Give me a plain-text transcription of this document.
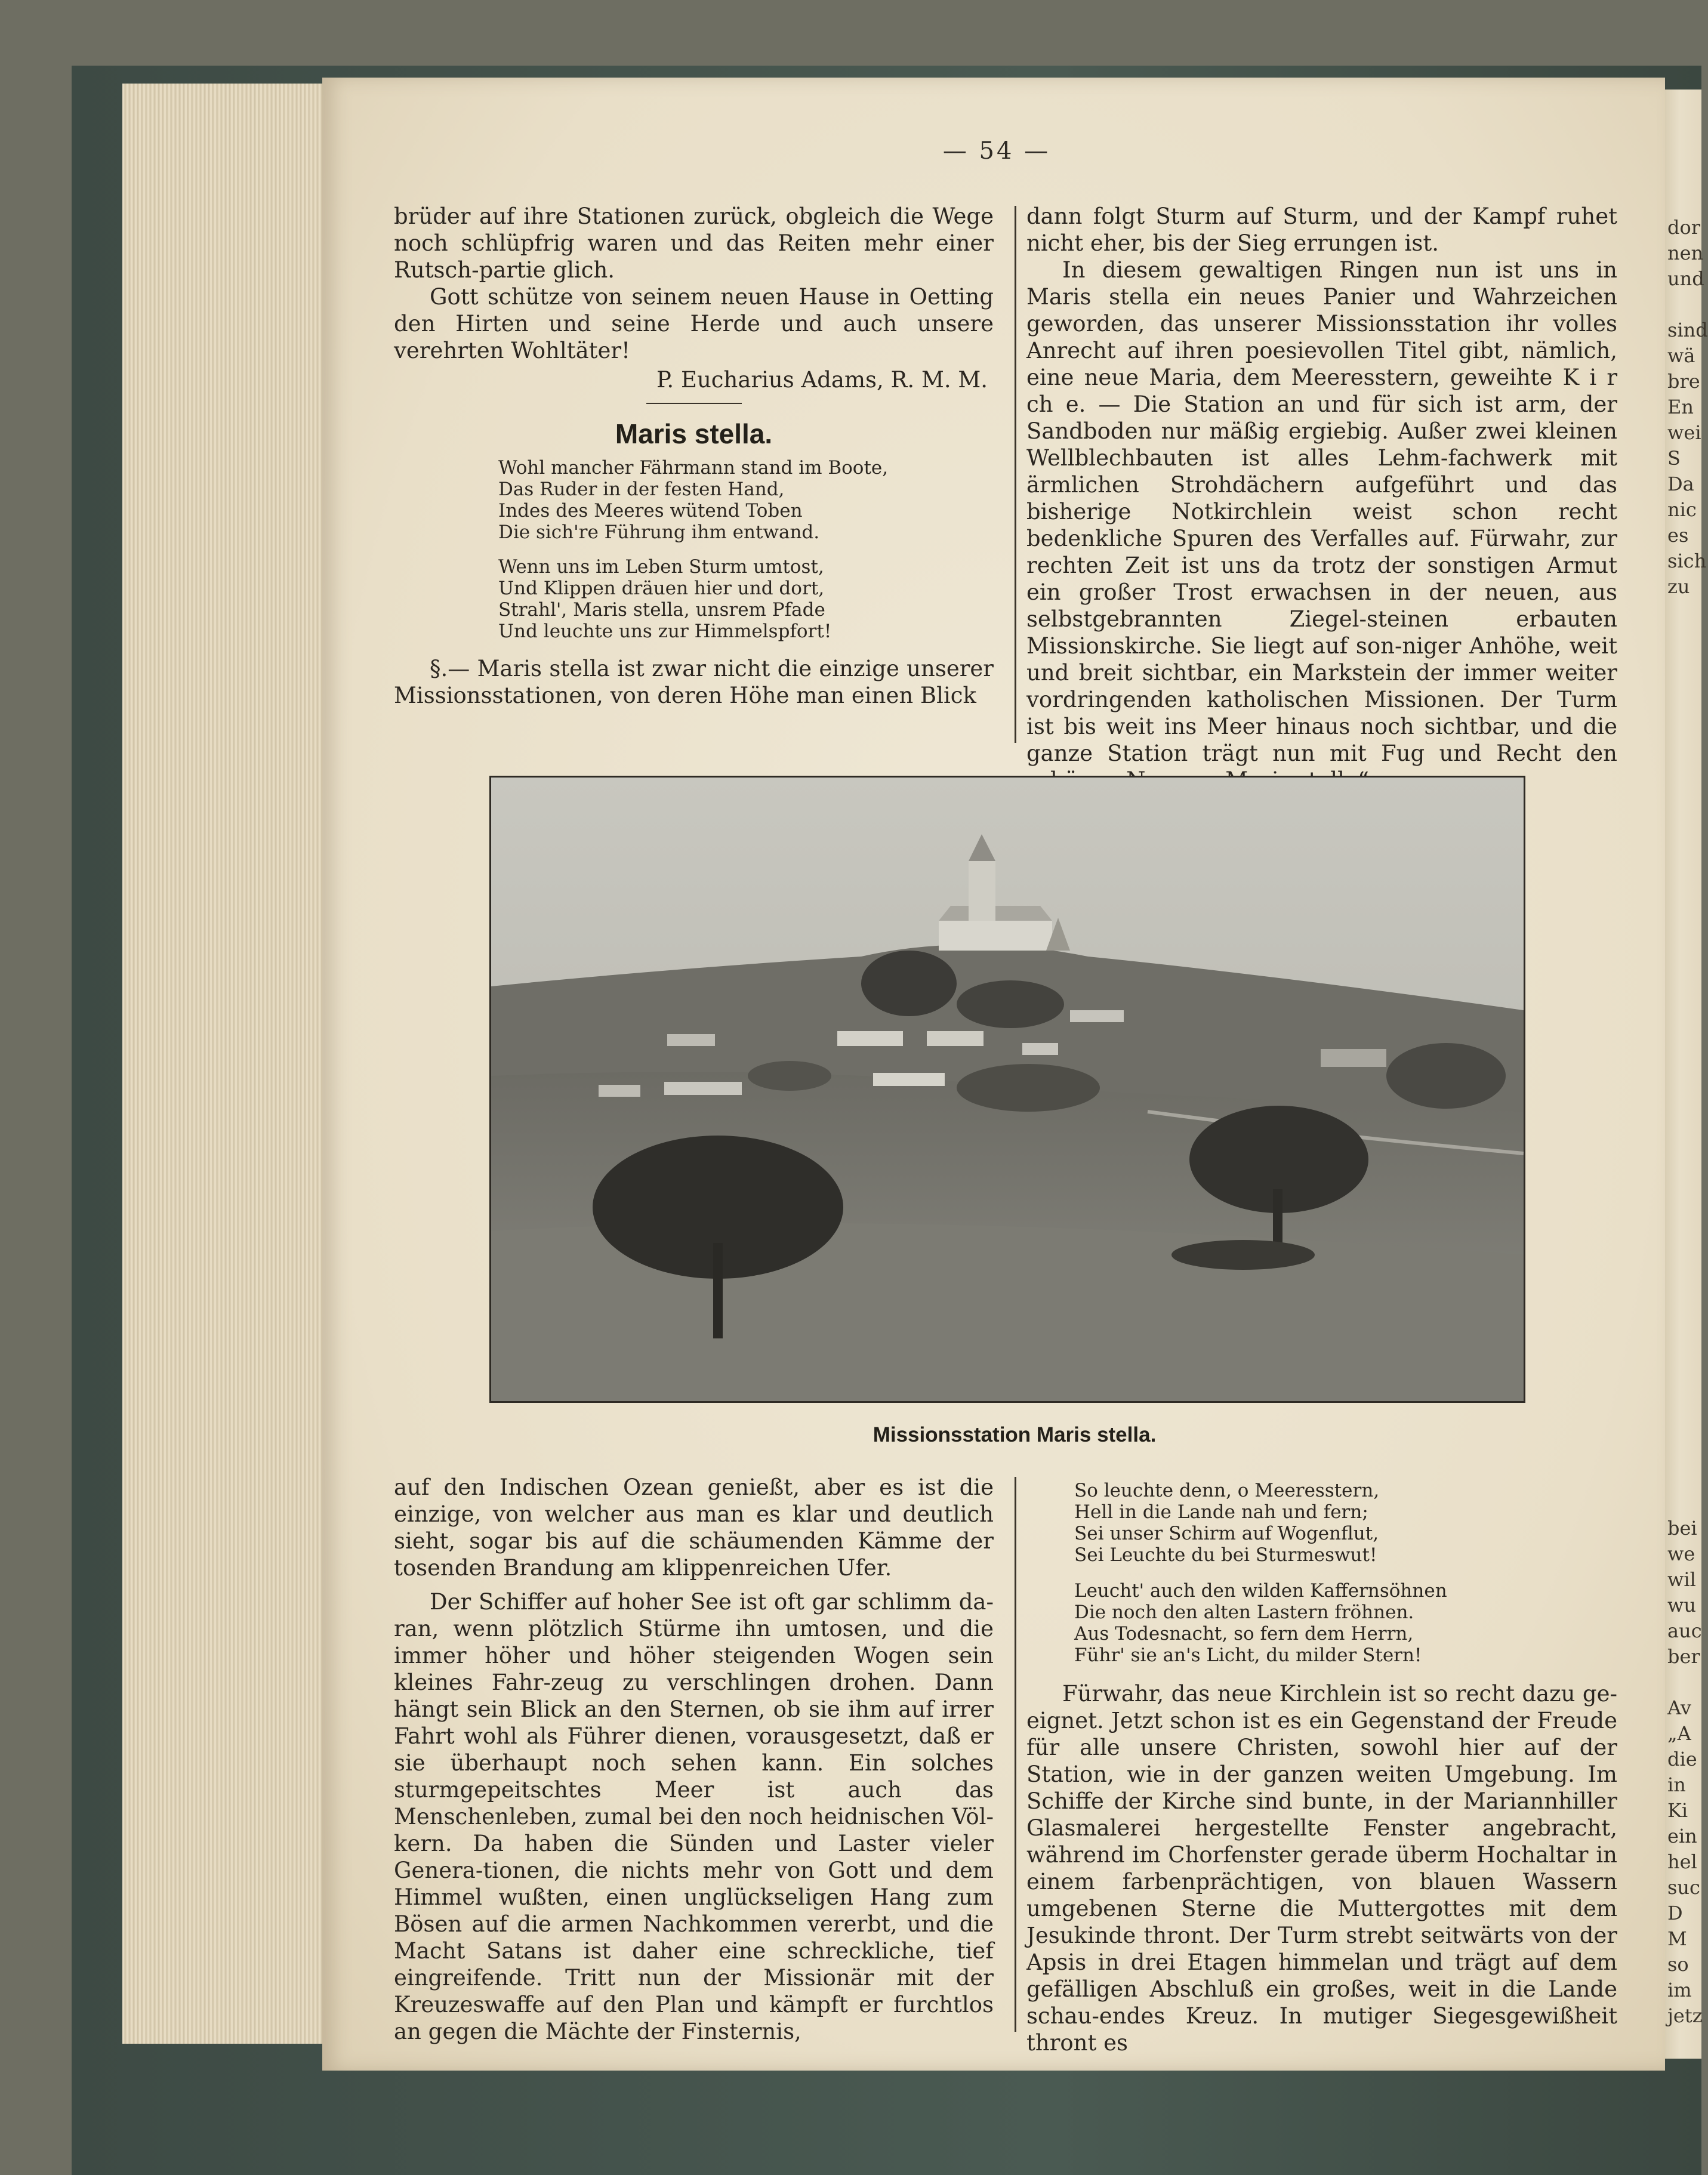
dor
nen
und

sind
wä
bre
En
wei
S
Da
nic
es
sich
zu
bei
we
wil
wu
auc
ber

Av
„A
die
in
Ki
ein
hel
suc
D
M
so
im
jetz
— 54 —

brüder auf ihre Stationen zurück, obgleich die Wege noch schlüpfrig waren und das Reiten mehr einer Rutsch-partie glich.

Gott schütze von seinem neuen Hause in Oetting den Hirten und seine Herde und auch unsere verehrten Wohltäter!

P. Eucharius Adams, R. M. M.

Maris stella.
Wohl mancher Fährmann stand im Boote,
Das Ruder in der festen Hand,
Indes des Meeres wütend Toben
Die sich're Führung ihm entwand.
Wenn uns im Leben Sturm umtost,
Und Klippen dräuen hier und dort,
Strahl', Maris stella, unsrem Pfade
Und leuchte uns zur Himmelspfort!

§.— Maris stella ist zwar nicht die einzige unserer Missionsstationen, von deren Höhe man einen Blick

dann folgt Sturm auf Sturm, und der Kampf ruhet nicht eher, bis der Sieg errungen ist.

In diesem gewaltigen Ringen nun ist uns in Maris stella ein neues Panier und Wahrzeichen geworden, das unserer Missionsstation ihr volles Anrecht auf ihren poesievollen Titel gibt, nämlich, eine neue Maria, dem Meeresstern, geweihte K i r ch e. — Die Station an und für sich ist arm, der Sandboden nur mäßig ergiebig. Außer zwei kleinen Wellblechbauten ist alles Lehm-fachwerk mit ärmlichen Strohdächern aufgeführt und das bisherige Notkirchlein weist schon recht bedenkliche Spuren des Verfalles auf. Fürwahr, zur rechten Zeit ist uns da trotz der sonstigen Armut ein großer Trost erwachsen in der neuen, aus selbstgebrannten Ziegel-steinen erbauten Missionskirche. Sie liegt auf son-niger Anhöhe, weit und breit sichtbar, ein Markstein der immer weiter vordringenden katholischen Missionen. Der Turm ist bis weit ins Meer hinaus noch sichtbar, und die ganze Station trägt nun mit Fug und Recht den

Missionsstation Maris stella.

auf den Indischen Ozean genießt, aber es ist die einzige, von welcher aus man es klar und deutlich sieht, sogar bis auf die schäumenden Kämme der tosenden Brandung am klippenreichen Ufer.

Der Schiffer auf hoher See ist oft gar schlimm da-ran, wenn plötzlich Stürme ihn umtosen, und die immer höher und höher steigenden Wogen sein kleines Fahr-zeug zu verschlingen drohen. Dann hängt sein Blick an den Sternen, ob sie ihm auf irrer Fahrt wohl als Führer dienen, vorausgesetzt, daß er sie überhaupt noch sehen kann. Ein solches sturmgepeitschtes Meer ist auch das Menschenleben, zumal bei den noch heidnischen Völ-kern. Da haben die Sünden und Laster vieler Genera-tionen, die nichts mehr von Gott und dem Himmel wußten, einen unglückseligen Hang zum Bösen auf die armen Nachkommen vererbt, und die Macht Satans ist daher eine schreckliche, tief eingreifende. Tritt nun der Missionär mit der Kreuzeswaffe auf den Plan und kämpft er furchtlos an gegen die Mächte der Finsternis,

So leuchte denn, o Meeresstern,
Hell in die Lande nah und fern;
Sei unser Schirm auf Wogenflut,
Sei Leuchte du bei Sturmeswut!
Leucht' auch den wilden Kaffernsöhnen
Die noch den alten Lastern fröhnen.
Aus Todesnacht, so fern dem Herrn,
Führ' sie an's Licht, du milder Stern!

Fürwahr, das neue Kirchlein ist so recht dazu ge-eignet. Jetzt schon ist es ein Gegenstand der Freude für alle unsere Christen, sowohl hier auf der Station, wie in der ganzen weiten Umgebung. Im Schiffe der Kirche sind bunte, in der Mariannhiller Glasmalerei hergestellte Fenster angebracht, während im Chorfenster gerade überm Hochaltar in einem farbenprächtigen, von blauen Wassern umgebenen Sterne die Muttergottes mit dem Jesukinde thront. Der Turm strebt seitwärts von der Apsis in drei Etagen himmelan und trägt auf dem gefälligen Abschluß ein großes, weit in die Lande schau-endes Kreuz. In mutiger Siegesgewißheit thront es
